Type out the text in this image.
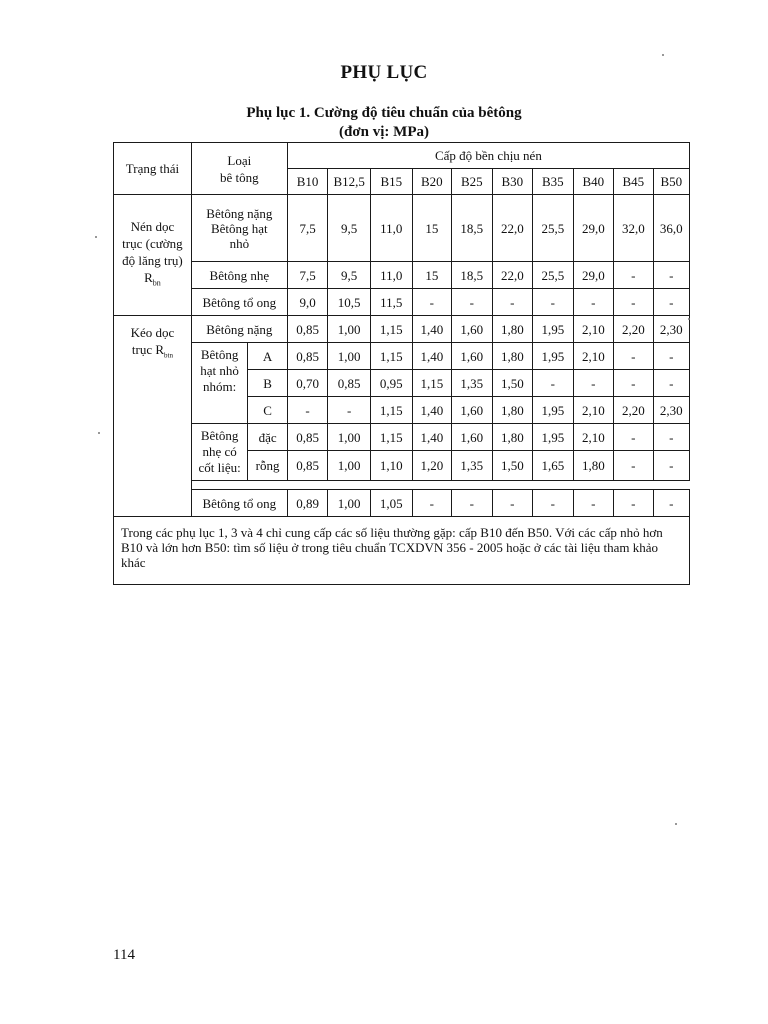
PHỤ LỤC
Phụ lục 1. Cường độ tiêu chuẩn của bêtông
(đơn vị: MPa)
Trạng thái	Loại
bê tông		Cấp độ bền chịu nén									
			B10	B12,5	B15	B20	B25	B30	B35	B40	B45	B50
Nén dọc
trục (cường
độ lăng trụ)
$R_{bn}$	Bêtông nặng
Bêtông hạt
nhỏ		7,5	9,5	11,0	15	18,5	22,0	25,5	29,0	32,0	36,0
	Bêtông nhẹ		7,5	9,5	11,0	15	18,5	22,0	25,5	29,0	-	-
	Bêtông tổ ong		9,0	10,5	11,5	-	-	-	-	-	-	-
Kéo dọc
trục $R_{btn}$	Bêtông nặng		0,85	1,00	1,15	1,40	1,60	1,80	1,95	2,10	2,20	2,30
	Bêtông
hạt nhỏ
nhóm:	A	0,85	1,00	1,15	1,40	1,60	1,80	1,95	2,10	-	-
		B	0,70	0,85	0,95	1,15	1,35	1,50	-	-	-	-
		C	-	-	1,15	1,40	1,60	1,80	1,95	2,10	2,20	2,30
	Bêtông
nhẹ có
cốt liệu:	đặc	0,85	1,00	1,15	1,40	1,60	1,80	1,95	2,10	-	-
		rỗng	0,85	1,00	1,10	1,20	1,35	1,50	1,65	1,80	-	-

	Bêtông tổ ong		0,89	1,00	1,05	-	-	-	-	-	-	-
Trong các phụ lục 1, 3 và 4 chỉ cung cấp các số liệu thường gặp: cấp B10 đến B50. Với các cấp nhỏ hơn B10 và lớn hơn B50: tìm số liệu ở trong tiêu chuẩn TCXDVN 356 - 2005 hoặc ở các tài liệu tham khảo khác												
114
